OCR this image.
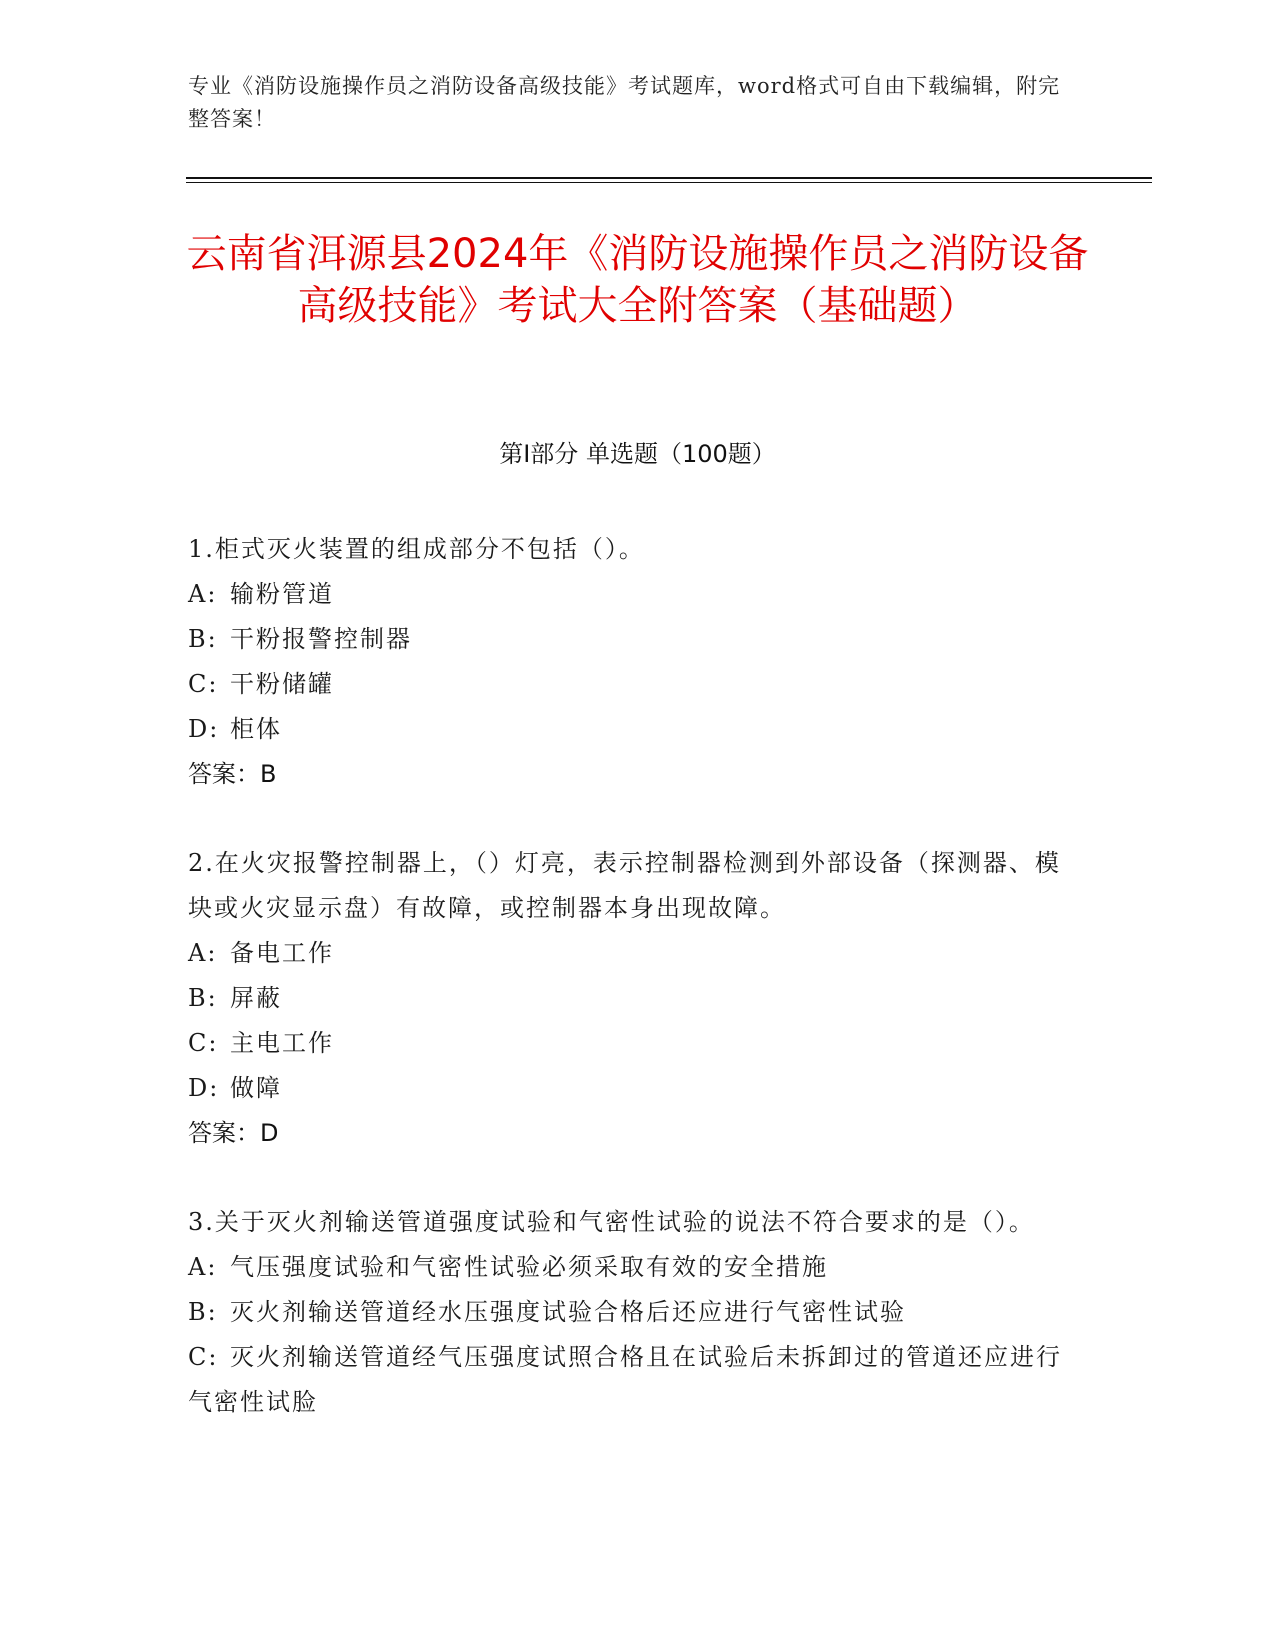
专业《消防设施操作员之消防设备高级技能》考试题库，word格式可自由下载编辑，附完整答案！
云南省洱源县2024年《消防设施操作员之消防设备高级技能》考试大全附答案（基础题）
第I部分 单选题（100题）
1.柜式灭火装置的组成部分不包括（）。
A: 输粉管道
B: 干粉报警控制器
C: 干粉储罐
D: 柜体
答案：B
2.在火灾报警控制器上，（）灯亮，表示控制器检测到外部设备（探测器、模块或火灾显示盘）有故障，或控制器本身出现故障。
A: 备电工作
B: 屏蔽
C: 主电工作
D: 做障
答案：D
3.关于灭火剂输送管道强度试验和气密性试验的说法不符合要求的是（）。
A: 气压强度试验和气密性试验必须采取有效的安全措施
B: 灭火剂输送管道经水压强度试验合格后还应进行气密性试验
C: 灭火剂输送管道经气压强度试照合格且在试验后未拆卸过的管道还应进行气密性试脸
